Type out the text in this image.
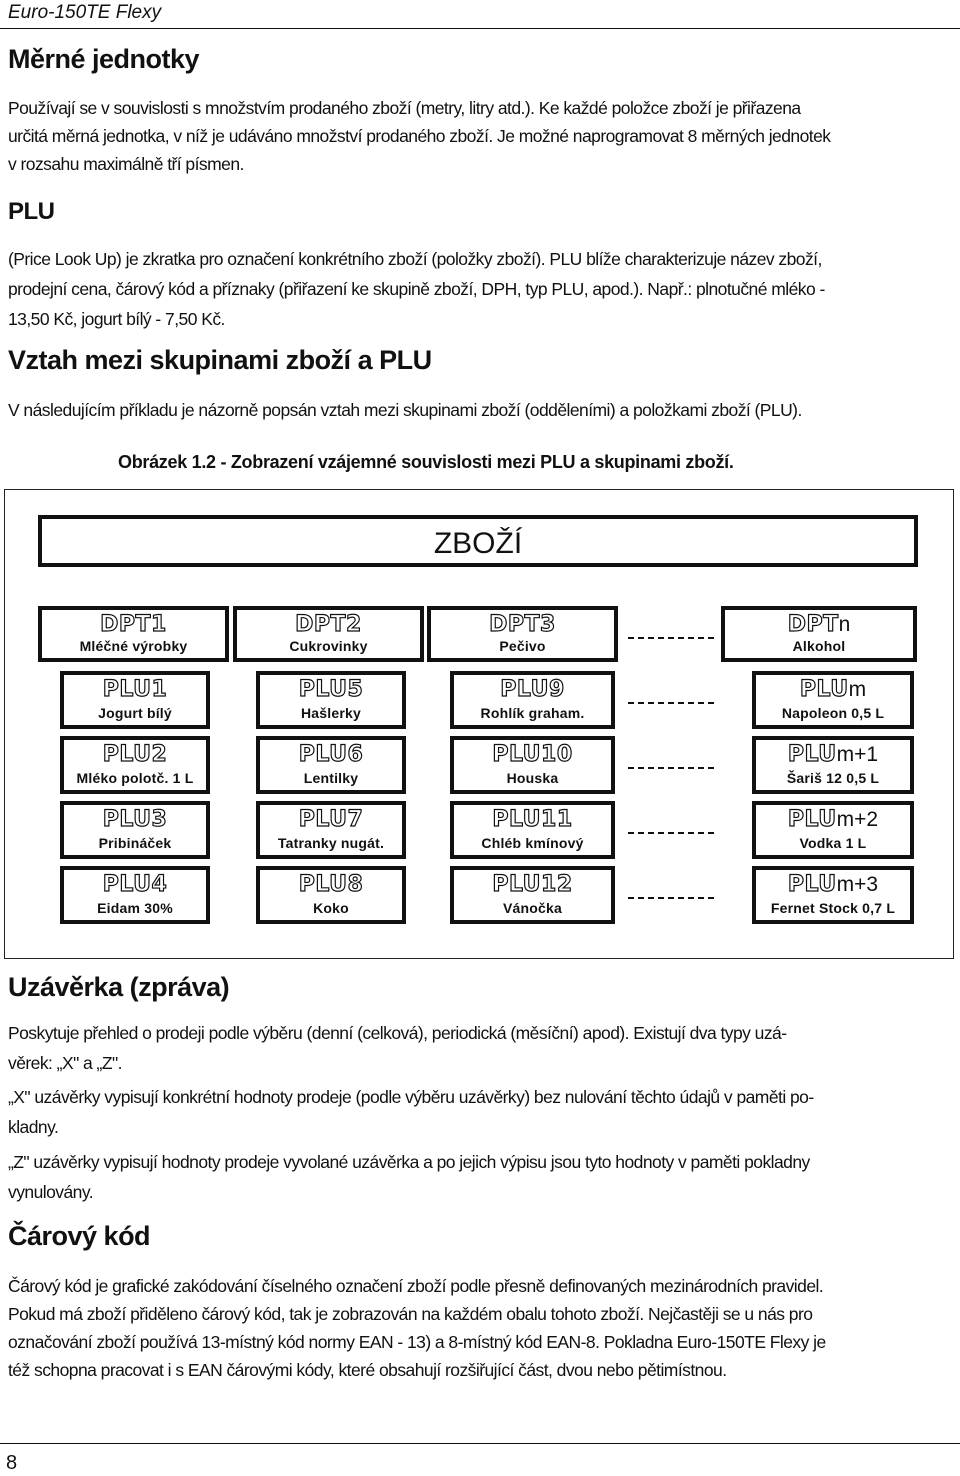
Euro-150TE Flexy
Měrné jednotky

Používají se v souvislosti s množstvím prodaného zboží (metry, litry atd.). Ke každé položce zboží je přiřazena

určitá měrná jednotka, v níž je udáváno množství prodaného zboží. Je možné naprogramovat 8 měrných jednotek

v rozsahu maximálně tří písmen.

PLU

(Price Look Up) je zkratka pro označení konkrétního zboží (položky zboží). PLU blíže charakterizuje název zboží,

prodejní cena, čárový kód a příznaky (přiřazení ke skupině zboží, DPH, typ PLU, apod.). Např.: plnotučné mléko -

13,50 Kč, jogurt bílý - 7,50 Kč.

Vztah mezi skupinami zboží a PLU

V následujícím příkladu je názorně popsán vztah mezi skupinami zboží (odděleními) a položkami zboží (PLU).

Obrázek 1.2 - Zobrazení vzájemné souvislosti mezi PLU a skupinami zboží.
ZBOŽÍ
DPT1
Mléčné výrobky
DPT2
Cukrovinky
DPT3
Pečivo
DPTn
Alkohol
PLU1
Jogurt bílý
PLU2
Mléko polotč. 1 L
PLU3
Pribináček
PLU4
Eidam 30%
PLU5
Hašlerky
PLU6
Lentilky
PLU7
Tatranky nugát.
PLU8
Koko
PLU9
Rohlík graham.
PLU10
Houska
PLU11
Chléb kmínový
PLU12
Vánočka
PLUm
Napoleon 0,5 L
PLUm+1
Šariš 12 0,5 L
PLUm+2
Vodka 1 L
PLUm+3
Fernet Stock 0,7 L
Uzávěrka (zpráva)

Poskytuje přehled o prodeji podle výběru (denní (celková), periodická (měsíční) apod). Existují dva typy uzá-

věrek: „X" a „Z".

„X" uzávěrky vypisují konkrétní hodnoty prodeje (podle výběru uzávěrky) bez nulování těchto údajů v paměti po-

kladny.

„Z" uzávěrky vypisují hodnoty prodeje vyvolané uzávěrka a po jejich výpisu jsou tyto hodnoty v paměti pokladny

vynulovány.

Čárový kód

Čárový kód je grafické zakódování číselného označení zboží podle přesně definovaných mezinárodních pravidel.

Pokud má zboží přiděleno čárový kód, tak je zobrazován na každém obalu tohoto zboží. Nejčastěji se u nás pro

označování zboží používá 13-místný kód normy EAN - 13) a 8-místný kód EAN-8. Pokladna Euro-150TE Flexy je

též schopna pracovat i s EAN čárovými kódy, které obsahují rozšiřující část, dvou nebo pětimístnou.

8
